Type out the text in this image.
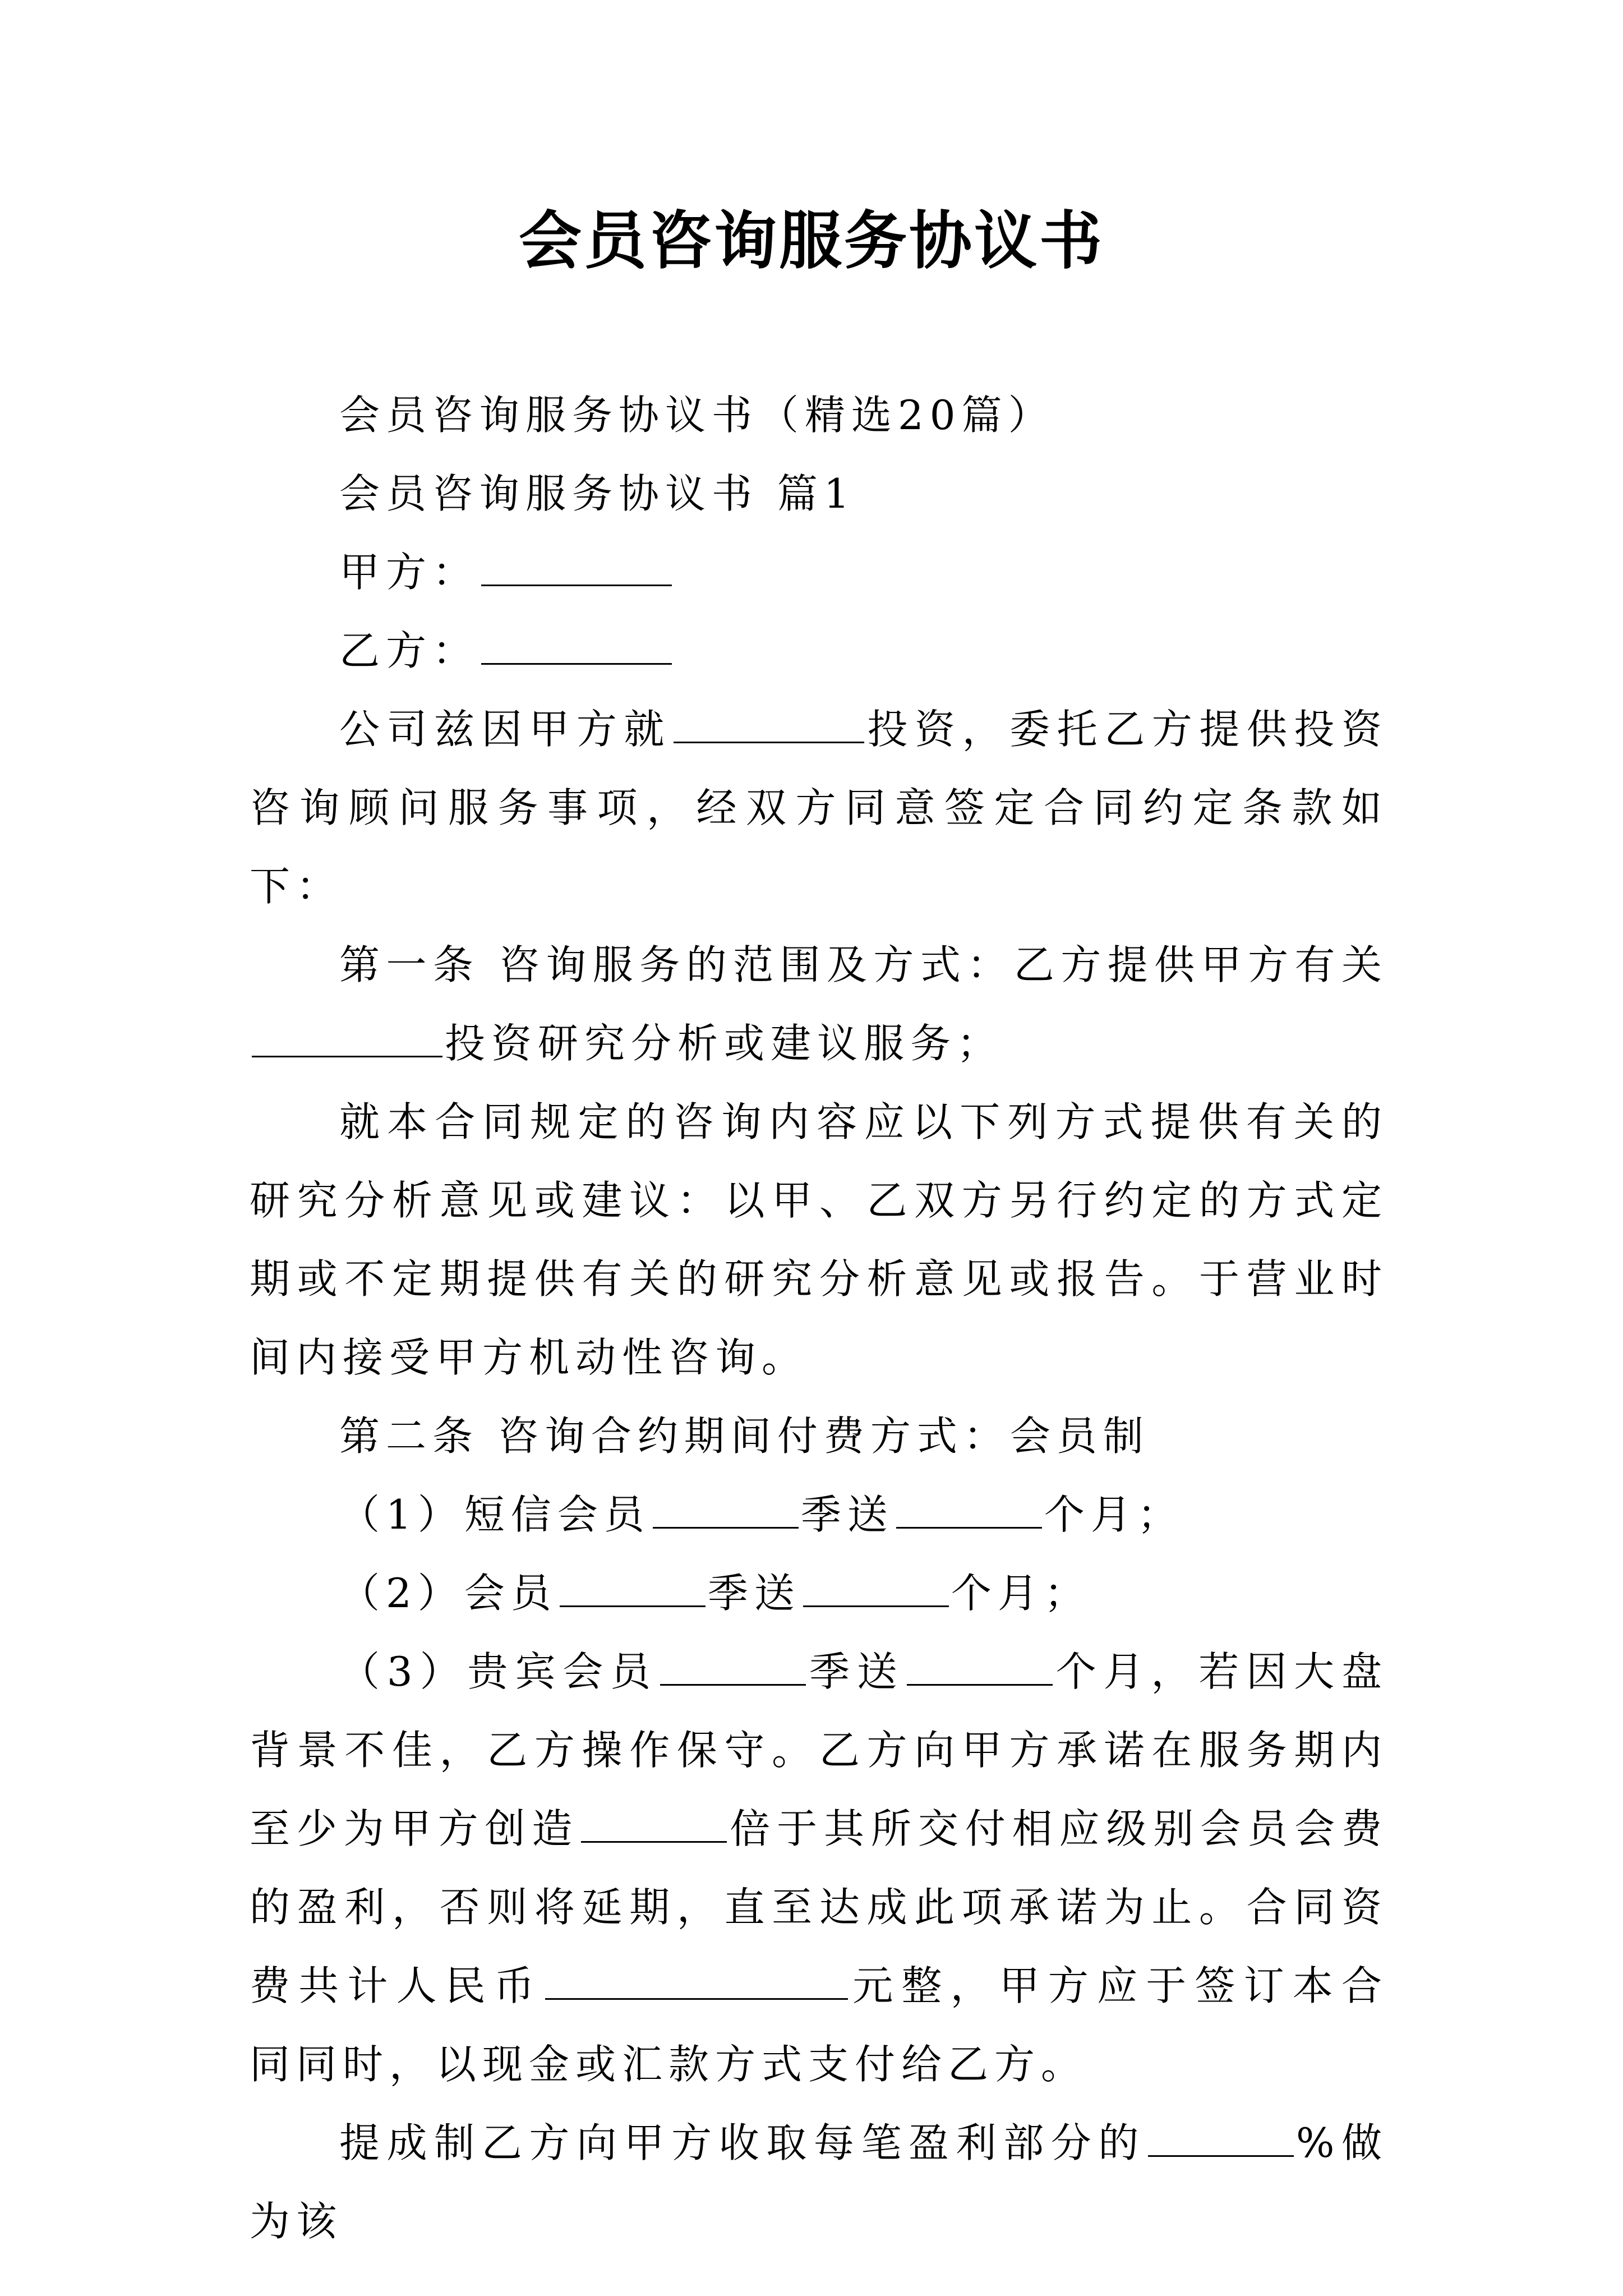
会员咨询服务协议书

会员咨询服务协议书（精选20篇）

会员咨询服务协议书 篇1

甲方：

乙方：

公司兹因甲方就	投资，委托乙方提供投资咨询顾问服务事项，经双方同意签定合同约定条款如下：

第一条 咨询服务的范围及方式：乙方提供甲方有关投资研究分析或建议服务；

就本合同规定的咨询内容应以下列方式提供有关的研究分析意见或建议：以甲、乙双方另行约定的方式定期或不定期提供有关的研究分析意见或报告。于营业时间内接受甲方机动性咨询。

第二条 咨询合约期间付费方式：会员制

（1）短信会员	季送	个月；

（2）会员	季送	个月；

（3）贵宾会员	季送	个月，若因大盘背景不佳，乙方操作保守。乙方向甲方承诺在服务期内至少为甲方创造	倍于其所交付相应级别会员会费的盈利，否则将延期，直至达成此项承诺为止。合同资费共计人民币	元整，甲方应于签订本合同同时，以现金或汇款方式支付给乙方。

提成制乙方向甲方收取每笔盈利部分的	%做为该
